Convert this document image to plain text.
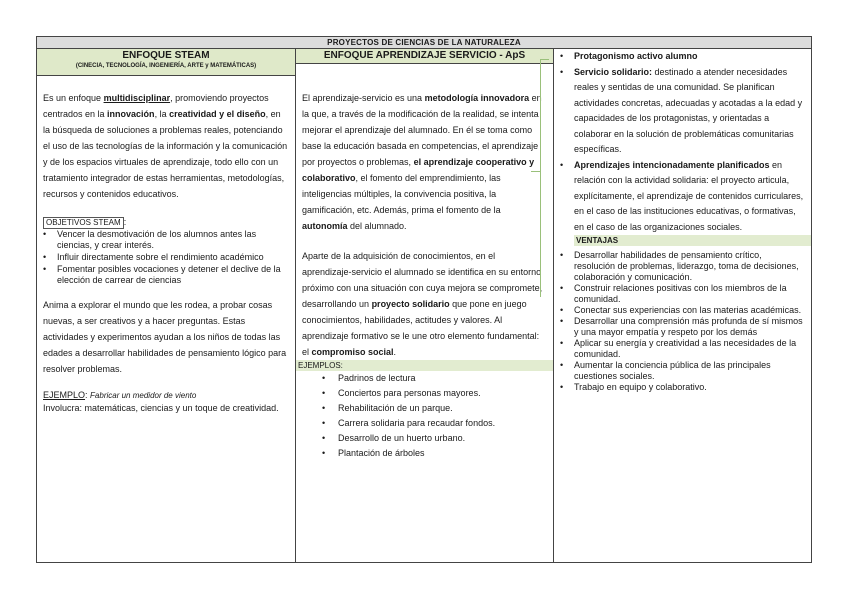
PROYECTOS DE CIENCIAS DE LA NATURALEZA
ENFOQUE STEAM
(CINECIA, TECNOLOGÍA, INGENIERÍA, ARTE y MATEMÁTICAS)
Es un enfoque multidisciplinar, promoviendo proyectos centrados en la innovación, la creatividad y el diseño, en la búsqueda de soluciones a problemas reales, potenciando el uso de las tecnologías de la información y la comunicación y de los espacios virtuales de aprendizaje, todo ello con un tratamiento integrador de estas herramientas, metodologías, recursos y contenidos educativos.
OBJETIVOS STEAM :
• Vencer la desmotivación de los alumnos antes las ciencias, y crear interés.
• Influir directamente sobre el rendimiento académico
• Fomentar posibles vocaciones y detener el declive de la elección de carrear de ciencias
Anima a explorar el mundo que les rodea, a probar cosas nuevas, a ser creativos y a hacer preguntas. Estas actividades y experimentos ayudan a los niños de todas las edades a desarrollar habilidades de pensamiento lógico para resolver problemas.
EJEMPLO: Fabricar un medidor de viento
Involucra: matemáticas, ciencias y un toque de creatividad.
ENFOQUE APRENDIZAJE SERVICIO - ApS
El aprendizaje-servicio es una metodología innovadora en la que, a través de la modificación de la realidad, se intenta mejorar el aprendizaje del alumnado. En él se toma como base la educación basada en competencias, el aprendizaje por proyectos o problemas, el aprendizaje cooperativo y colaborativo, el fomento del emprendimiento, las inteligencias múltiples, la convivencia positiva, la gamificación, etc. Además, prima el fomento de la autonomía del alumnado.
Aparte de la adquisición de conocimientos, en el aprendizaje-servicio el alumnado se identifica en su entorno próximo con una situación con cuya mejora se compromete, desarrollando un proyecto solidario que pone en juego conocimientos, habilidades, actitudes y valores. Al aprendizaje formativo se le une otro elemento fundamental: el compromiso social.
EJEMPLOS:
• Padrinos de lectura
• Conciertos para personas mayores.
• Rehabilitación de un parque.
• Carrera solidaria para recaudar fondos.
• Desarrollo de un huerto urbano.
• Plantación de árboles
• Protagonismo activo alumno
• Servicio solidario: destinado a atender necesidades reales y sentidas de una comunidad. Se planifican actividades concretas, adecuadas y acotadas a la edad y capacidades de los protagonistas, y orientadas a colaborar en la solución de problemáticas comunitarias específicas.
• Aprendizajes intencionadamente planificados en relación con la actividad solidaria: el proyecto articula, explícitamente, el aprendizaje de contenidos curriculares, en el caso de las instituciones educativas, o formativas, en el caso de las organizaciones sociales.
VENTAJAS
• Desarrollar habilidades de pensamiento crítico, resolución de problemas, liderazgo, toma de decisiones, colaboración y comunicación.
• Construir relaciones positivas con los miembros de la comunidad.
• Conectar sus experiencias con las materias académicas.
• Desarrollar una comprensión más profunda de sí mismos y una mayor empatía y respeto por los demás
• Aplicar su energía y creatividad a las necesidades de la comunidad.
• Aumentar la conciencia pública de las principales cuestiones sociales.
• Trabajo en equipo y colaborativo.
